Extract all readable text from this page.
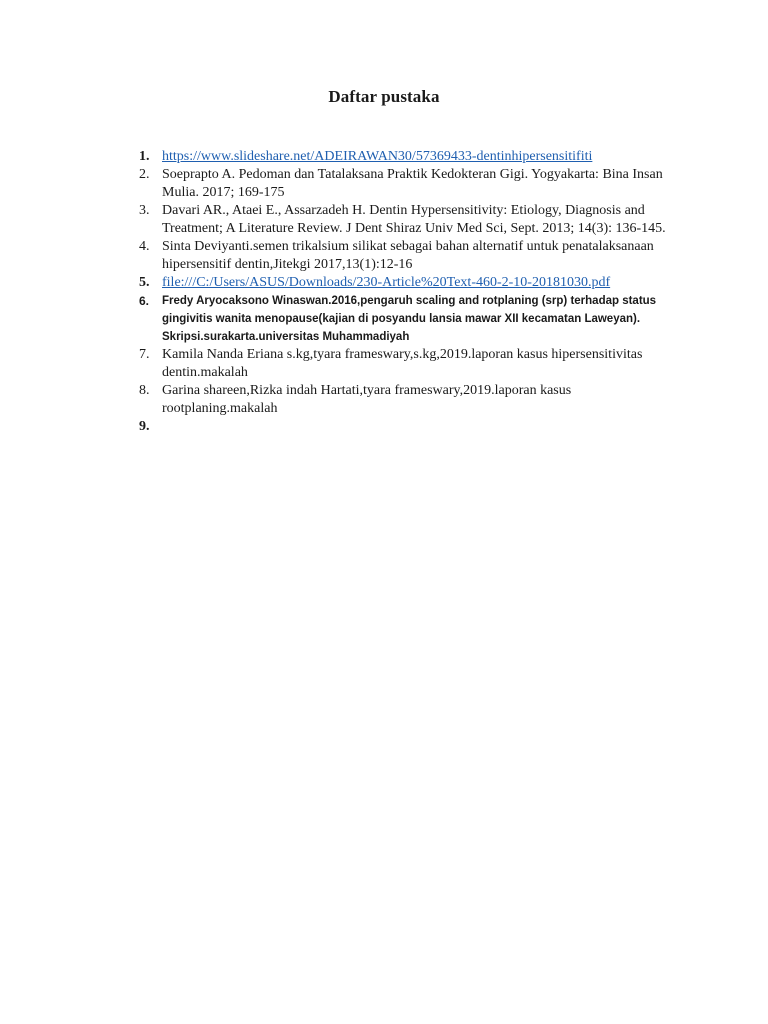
Daftar pustaka
1. https://www.slideshare.net/ADEIRAWAN30/57369433-dentinhipersensitifiti
2. Soeprapto A. Pedoman dan Tatalaksana Praktik Kedokteran Gigi. Yogyakarta: Bina Insan Mulia. 2017; 169-175
3. Davari AR., Ataei E., Assarzadeh H. Dentin Hypersensitivity: Etiology, Diagnosis and Treatment; A Literature Review. J Dent Shiraz Univ Med Sci, Sept. 2013; 14(3): 136-145.
4. Sinta Deviyanti.semen trikalsium silikat sebagai bahan alternatif untuk penatalaksanaan hipersensitif dentin,Jitekgi 2017,13(1):12-16
5. file:///C:/Users/ASUS/Downloads/230-Article%20Text-460-2-10-20181030.pdf
6. Fredy Aryocaksono Winaswan.2016,pengaruh scaling and rotplaning (srp) terhadap status gingivitis wanita menopause(kajian di posyandu lansia mawar XII kecamatan Laweyan). Skripsi.surakarta.universitas Muhammadiyah
7. Kamila Nanda Eriana s.kg,tyara frameswary,s.kg,2019.laporan kasus hipersensitivitas dentin.makalah
8. Garina shareen,Rizka indah Hartati,tyara frameswary,2019.laporan kasus rootplaning.makalah
9.
